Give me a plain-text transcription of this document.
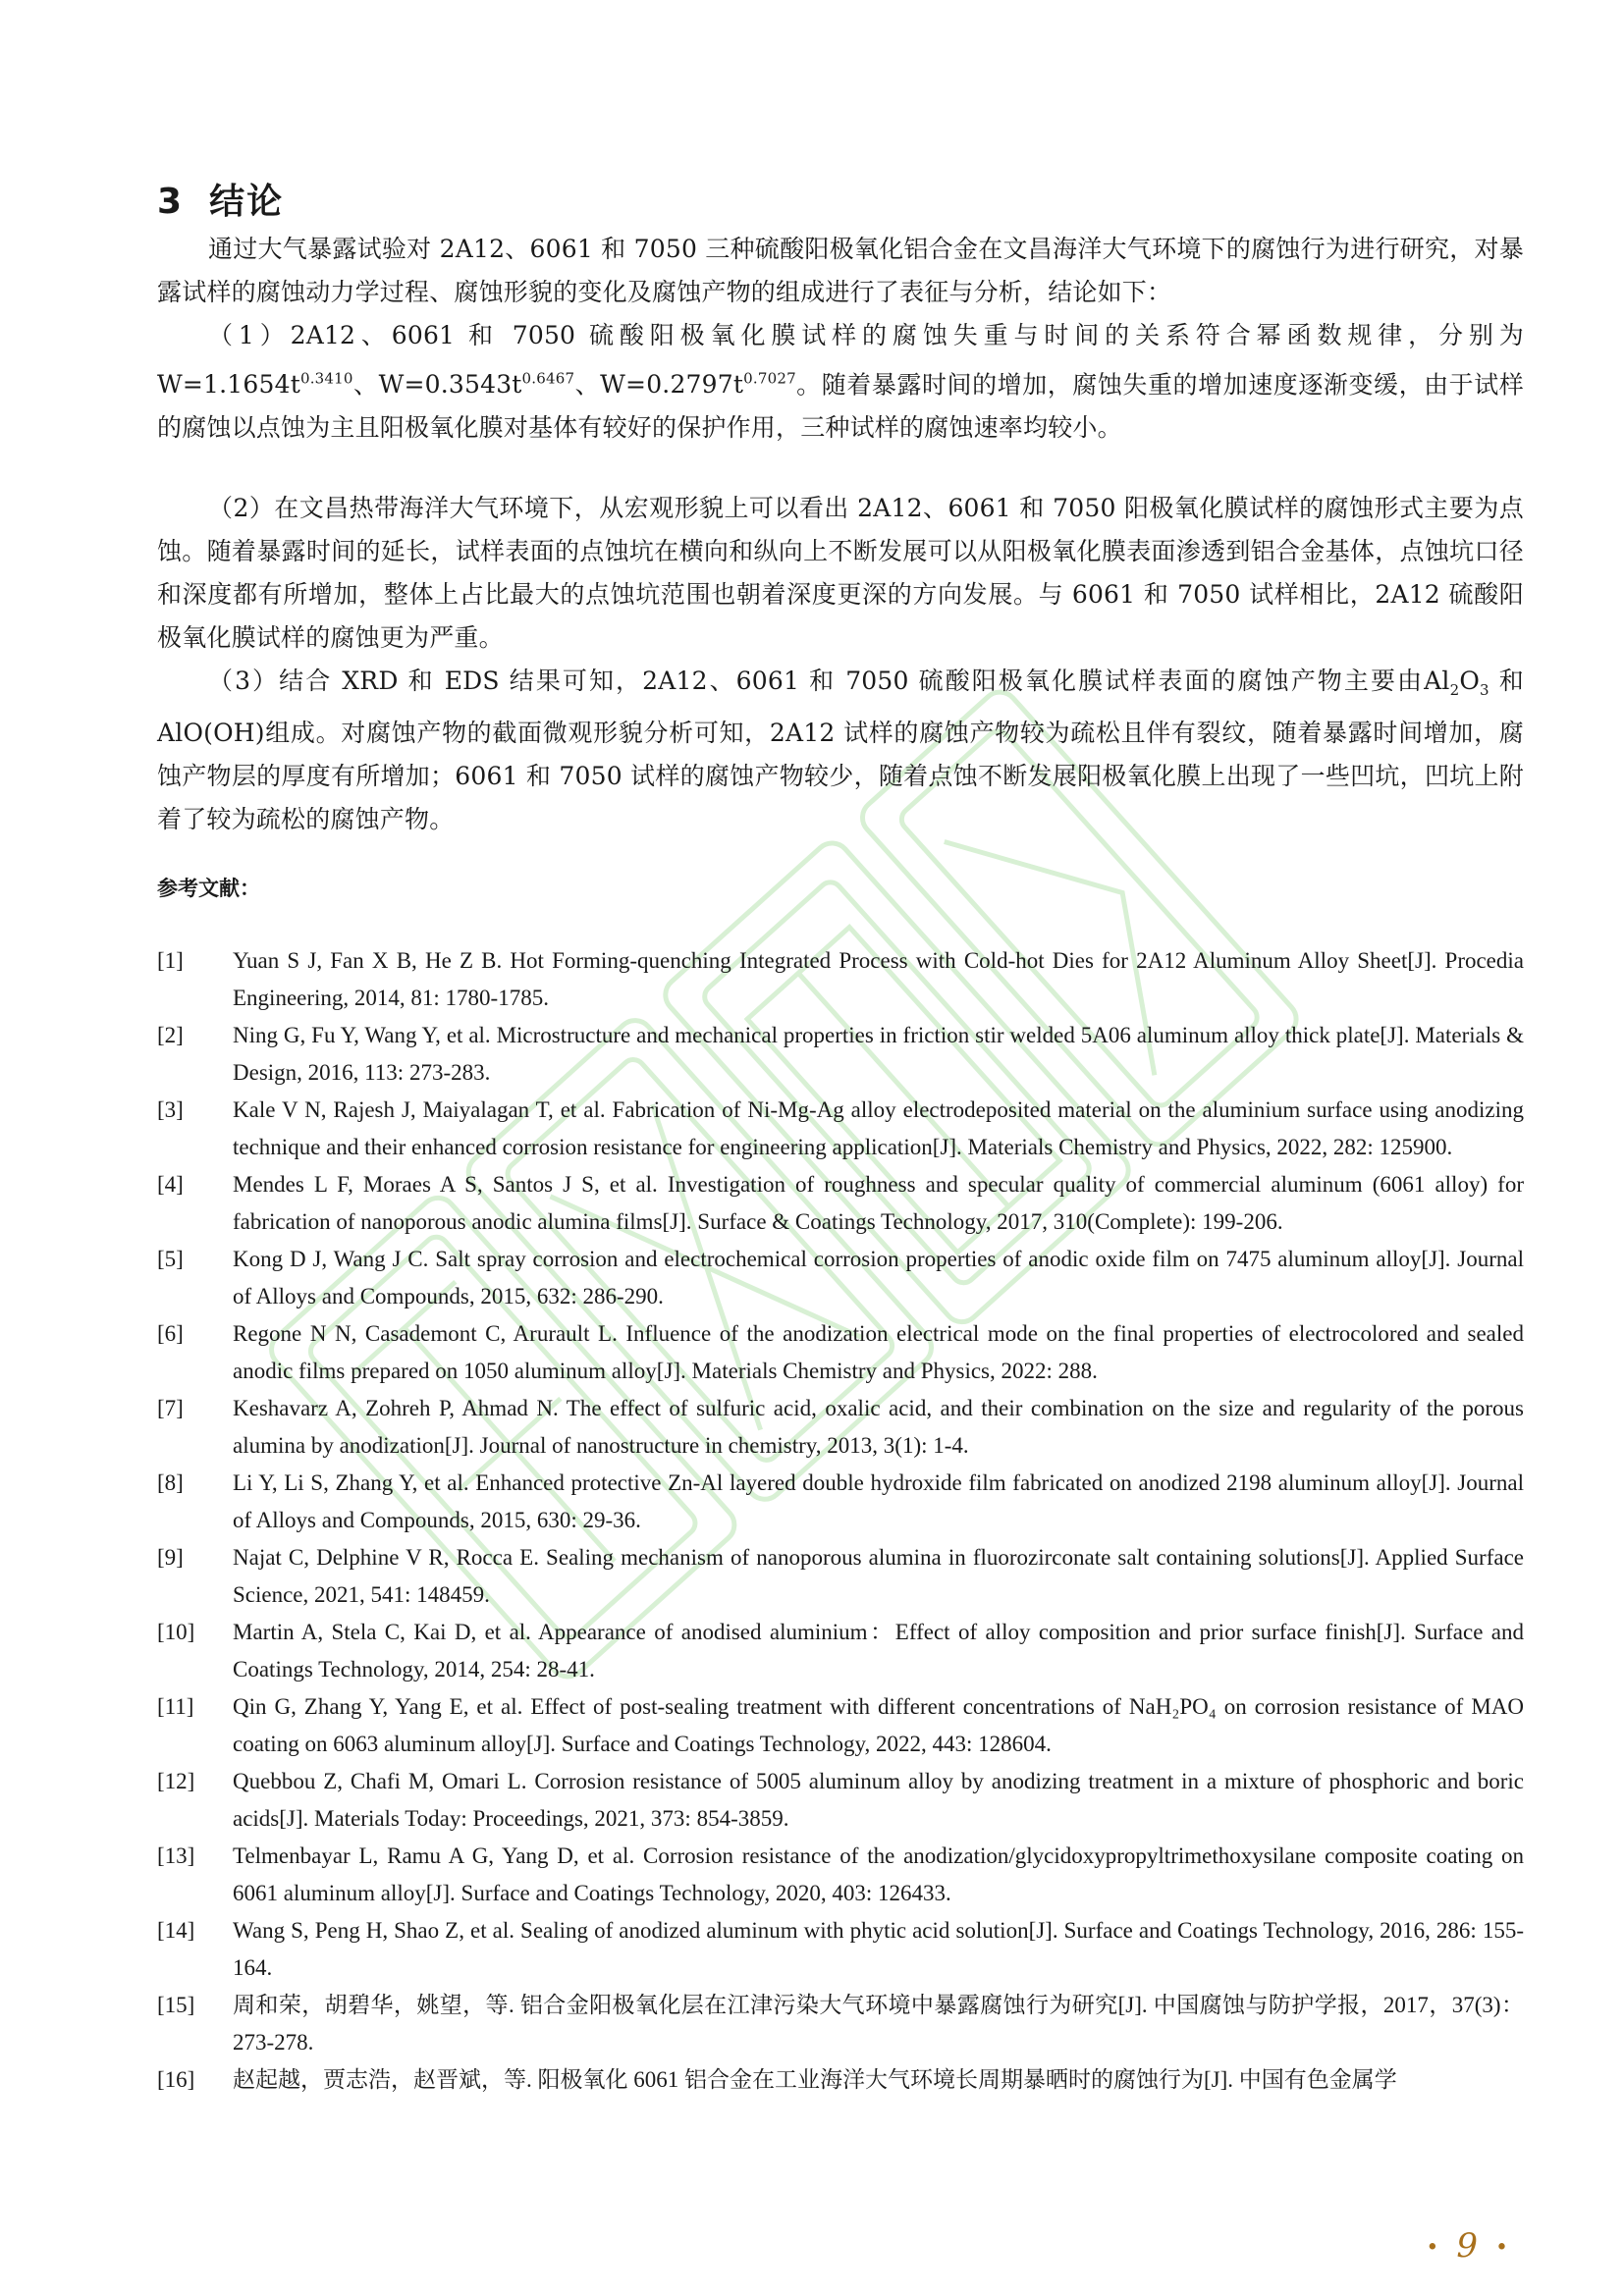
3 结论

通过大气暴露试验对 2A12、6061 和 7050 三种硫酸阳极氧化铝合金在文昌海洋大气环境下的腐蚀行为进行研究，对暴露试样的腐蚀动力学过程、腐蚀形貌的变化及腐蚀产物的组成进行了表征与分析，结论如下：

（1）2A12、6061 和 7050 硫酸阳极氧化膜试样的腐蚀失重与时间的关系符合幂函数规律，分别为 $W=1.1654t^{0.3410}$、$W=0.3543t^{0.6467}$、$W=0.2797t^{0.7027}$。随着暴露时间的增加，腐蚀失重的增加速度逐渐变缓，由于试样的腐蚀以点蚀为主且阳极氧化膜对基体有较好的保护作用，三种试样的腐蚀速率均较小。

（2）在文昌热带海洋大气环境下，从宏观形貌上可以看出 2A12、6061 和 7050 阳极氧化膜试样的腐蚀形式主要为点蚀。随着暴露时间的延长，试样表面的点蚀坑在横向和纵向上不断发展可以从阳极氧化膜表面渗透到铝合金基体，点蚀坑口径和深度都有所增加，整体上占比最大的点蚀坑范围也朝着深度更深的方向发展。与 6061 和 7050 试样相比，2A12 硫酸阳极氧化膜试样的腐蚀更为严重。

（3）结合 XRD 和 EDS 结果可知，2A12、6061 和 7050 硫酸阳极氧化膜试样表面的腐蚀产物主要由$Al_2O_3$ 和 AlO(OH)组成。对腐蚀产物的截面微观形貌分析可知，2A12 试样的腐蚀产物较为疏松且伴有裂纹，随着暴露时间增加，腐蚀产物层的厚度有所增加；6061 和 7050 试样的腐蚀产物较少，随着点蚀不断发展阳极氧化膜上出现了一些凹坑，凹坑上附着了较为疏松的腐蚀产物。

参考文献：
[1]	Yuan S J, Fan X B, He Z B. Hot Forming-quenching Integrated Process with Cold-hot Dies for 2A12 Aluminum Alloy Sheet[J]. Procedia Engineering, 2014, 81: 1780-1785.
[2]	Ning G, Fu Y, Wang Y, et al. Microstructure and mechanical properties in friction stir welded 5A06 aluminum alloy thick plate[J]. Materials & Design, 2016, 113: 273-283.
[3]	Kale V N, Rajesh J, Maiyalagan T, et al. Fabrication of Ni-Mg-Ag alloy electrodeposited material on the aluminium surface using anodizing technique and their enhanced corrosion resistance for engineering application[J]. Materials Chemistry and Physics, 2022, 282: 125900.
[4]	Mendes L F, Moraes A S, Santos J S, et al. Investigation of roughness and specular quality of commercial aluminum (6061 alloy) for fabrication of nanoporous anodic alumina films[J]. Surface & Coatings Technology, 2017, 310(Complete): 199-206.
[5]	Kong D J, Wang J C. Salt spray corrosion and electrochemical corrosion properties of anodic oxide film on 7475 aluminum alloy[J]. Journal of Alloys and Compounds, 2015, 632: 286-290.
[6]	Regone N N, Casademont C, Arurault L. Influence of the anodization electrical mode on the final properties of electrocolored and sealed anodic films prepared on 1050 aluminum alloy[J]. Materials Chemistry and Physics, 2022: 288.
[7]	Keshavarz A, Zohreh P, Ahmad N. The effect of sulfuric acid, oxalic acid, and their combination on the size and regularity of the porous alumina by anodization[J]. Journal of nanostructure in chemistry, 2013, 3(1): 1-4.
[8]	Li Y, Li S, Zhang Y, et al. Enhanced protective Zn-Al layered double hydroxide film fabricated on anodized 2198 aluminum alloy[J]. Journal of Alloys and Compounds, 2015, 630: 29-36.
[9]	Najat C, Delphine V R, Rocca E. Sealing mechanism of nanoporous alumina in fluorozirconate salt containing solutions[J]. Applied Surface Science, 2021, 541: 148459.
[10]	Martin A, Stela C, Kai D, et al. Appearance of anodised aluminium：Effect of alloy composition and prior surface finish[J]. Surface and Coatings Technology, 2014, 254: 28-41.
[11]	Qin G, Zhang Y, Yang E, et al. Effect of post-sealing treatment with different concentrations of NaH₂PO₄ on corrosion resistance of MAO coating on 6063 aluminum alloy[J]. Surface and Coatings Technology, 2022, 443: 128604.
[12]	Quebbou Z, Chafi M, Omari L. Corrosion resistance of 5005 aluminum alloy by anodizing treatment in a mixture of phosphoric and boric acids[J]. Materials Today: Proceedings, 2021, 373: 854-3859.
[13]	Telmenbayar L, Ramu A G, Yang D, et al. Corrosion resistance of the anodization/glycidoxypropyltrimethoxysilane composite coating on 6061 aluminum alloy[J]. Surface and Coatings Technology, 2020, 403: 126433.
[14]	Wang S, Peng H, Shao Z, et al. Sealing of anodized aluminum with phytic acid solution[J]. Surface and Coatings Technology, 2016, 286: 155-164.
[15]	周和荣，胡碧华，姚望，等. 铝合金阳极氧化层在江津污染大气环境中暴露腐蚀行为研究[J]. 中国腐蚀与防护学报，2017，37(3)：273-278.
[16]	赵起越，贾志浩，赵晋斌，等. 阳极氧化 6061 铝合金在工业海洋大气环境长周期暴晒时的腐蚀行为[J]. 中国有色金属学
•9•
